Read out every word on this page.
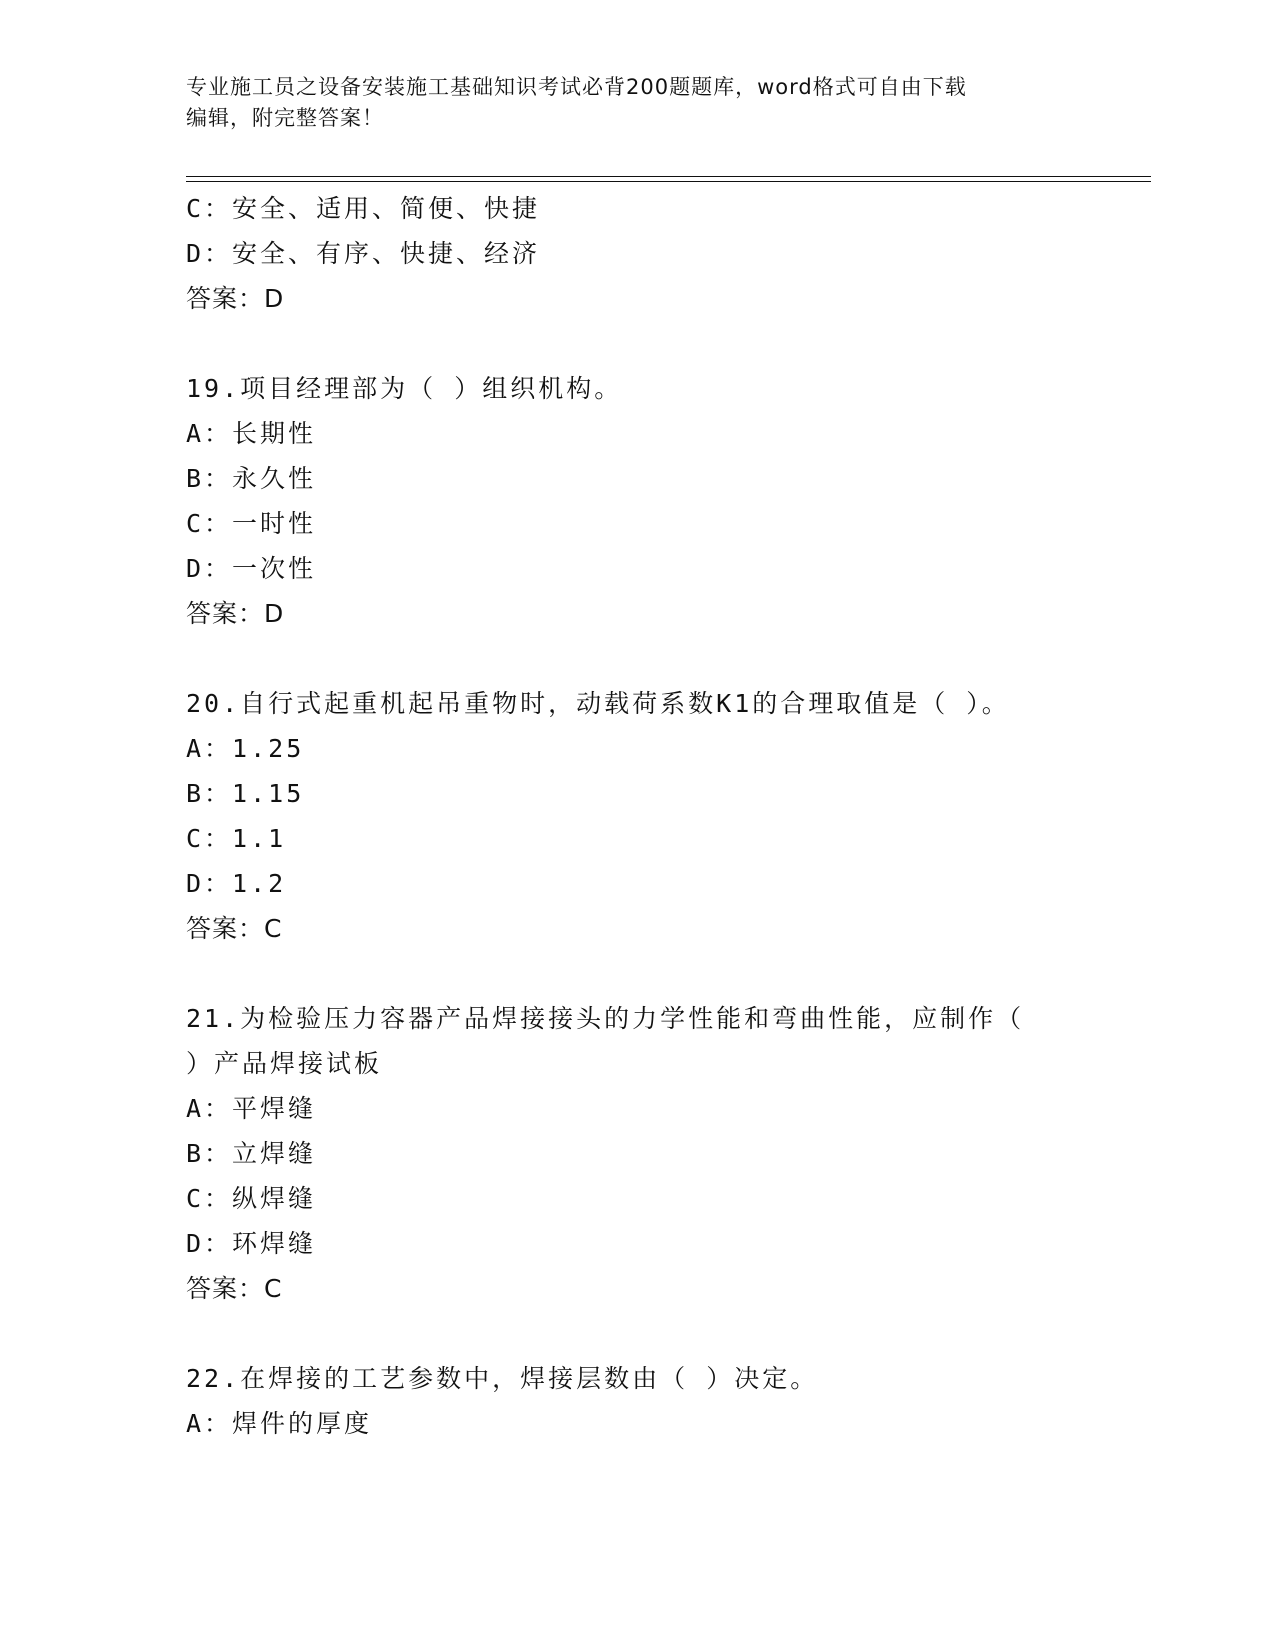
专业施工员之设备安装施工基础知识考试必背200题题库，word格式可自由下载
编辑，附完整答案！
C：安全、适用、简便、快捷
D：安全、有序、快捷、经济
答案：D
19.项目经理部为（ ）组织机构。
A：长期性
B：永久性
C：一时性
D：一次性
答案：D
20.自行式起重机起吊重物时，动载荷系数K1的合理取值是（ ）。
A：1.25
B：1.15
C：1.1
D：1.2
答案：C
21.为检验压力容器产品焊接接头的力学性能和弯曲性能，应制作（
）产品焊接试板
A：平焊缝
B：立焊缝
C：纵焊缝
D：环焊缝
答案：C
22.在焊接的工艺参数中，焊接层数由（ ）决定。
A：焊件的厚度
